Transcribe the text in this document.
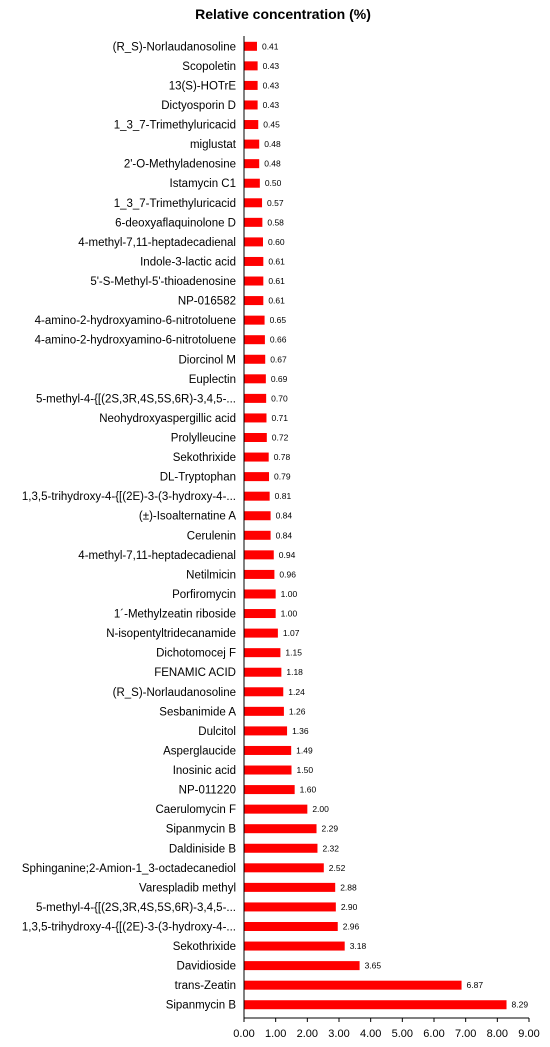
Relative concentration (%)
(R_S)-Norlaudanosoline	0.41
Scopoletin	0.43
13(S)-HOTrE	0.43
Dictyosporin D	0.43
1_3_7-Trimethyluricacid	0.45
miglustat	0.48
2'-O-Methyladenosine	0.48
Istamycin C1	0.50
1_3_7-Trimethyluricacid	0.57
6-deoxyaflaquinolone D	0.58
4-methyl-7,11-heptadecadienal	0.60
Indole-3-lactic acid	0.61
5'-S-Methyl-5'-thioadenosine	0.61
NP-016582	0.61
4-amino-2-hydroxyamino-6-nitrotoluene	0.65
4-amino-2-hydroxyamino-6-nitrotoluene	0.66
Diorcinol M	0.67
Euplectin	0.69
5-methyl-4-{[(2S,3R,4S,5S,6R)-3,4,5-...	0.70
Neohydroxyaspergillic acid	0.71
Prolylleucine	0.72
Sekothrixide	0.78
DL-Tryptophan	0.79
1,3,5-trihydroxy-4-{[(2E)-3-(3-hydroxy-4-...	0.81
(±)-Isoalternatine A	0.84
Cerulenin	0.84
4-methyl-7,11-heptadecadienal	0.94
Netilmicin	0.96
Porfiromycin	1.00
1´-Methylzeatin riboside	1.00
N-isopentyltridecanamide	1.07
Dichotomocej F	1.15
FENAMIC ACID	1.18
(R_S)-Norlaudanosoline	1.24
Sesbanimide A	1.26
Dulcitol	1.36
Asperglaucide	1.49
Inosinic acid	1.50
NP-011220	1.60
Caerulomycin F	2.00
Sipanmycin B	2.29
Daldiniside B	2.32
Sphinganine;2-Amion-1_3-octadecanediol	2.52
Varespladib methyl	2.88
5-methyl-4-{[(2S,3R,4S,5S,6R)-3,4,5-...	2.90
1,3,5-trihydroxy-4-{[(2E)-3-(3-hydroxy-4-...	2.96
Sekothrixide	3.18
Davidioside	3.65
trans-Zeatin	6.87
Sipanmycin B	8.29
0.00 1.00 2.00 3.00 4.00 5.00 6.00 7.00 8.00 9.00
